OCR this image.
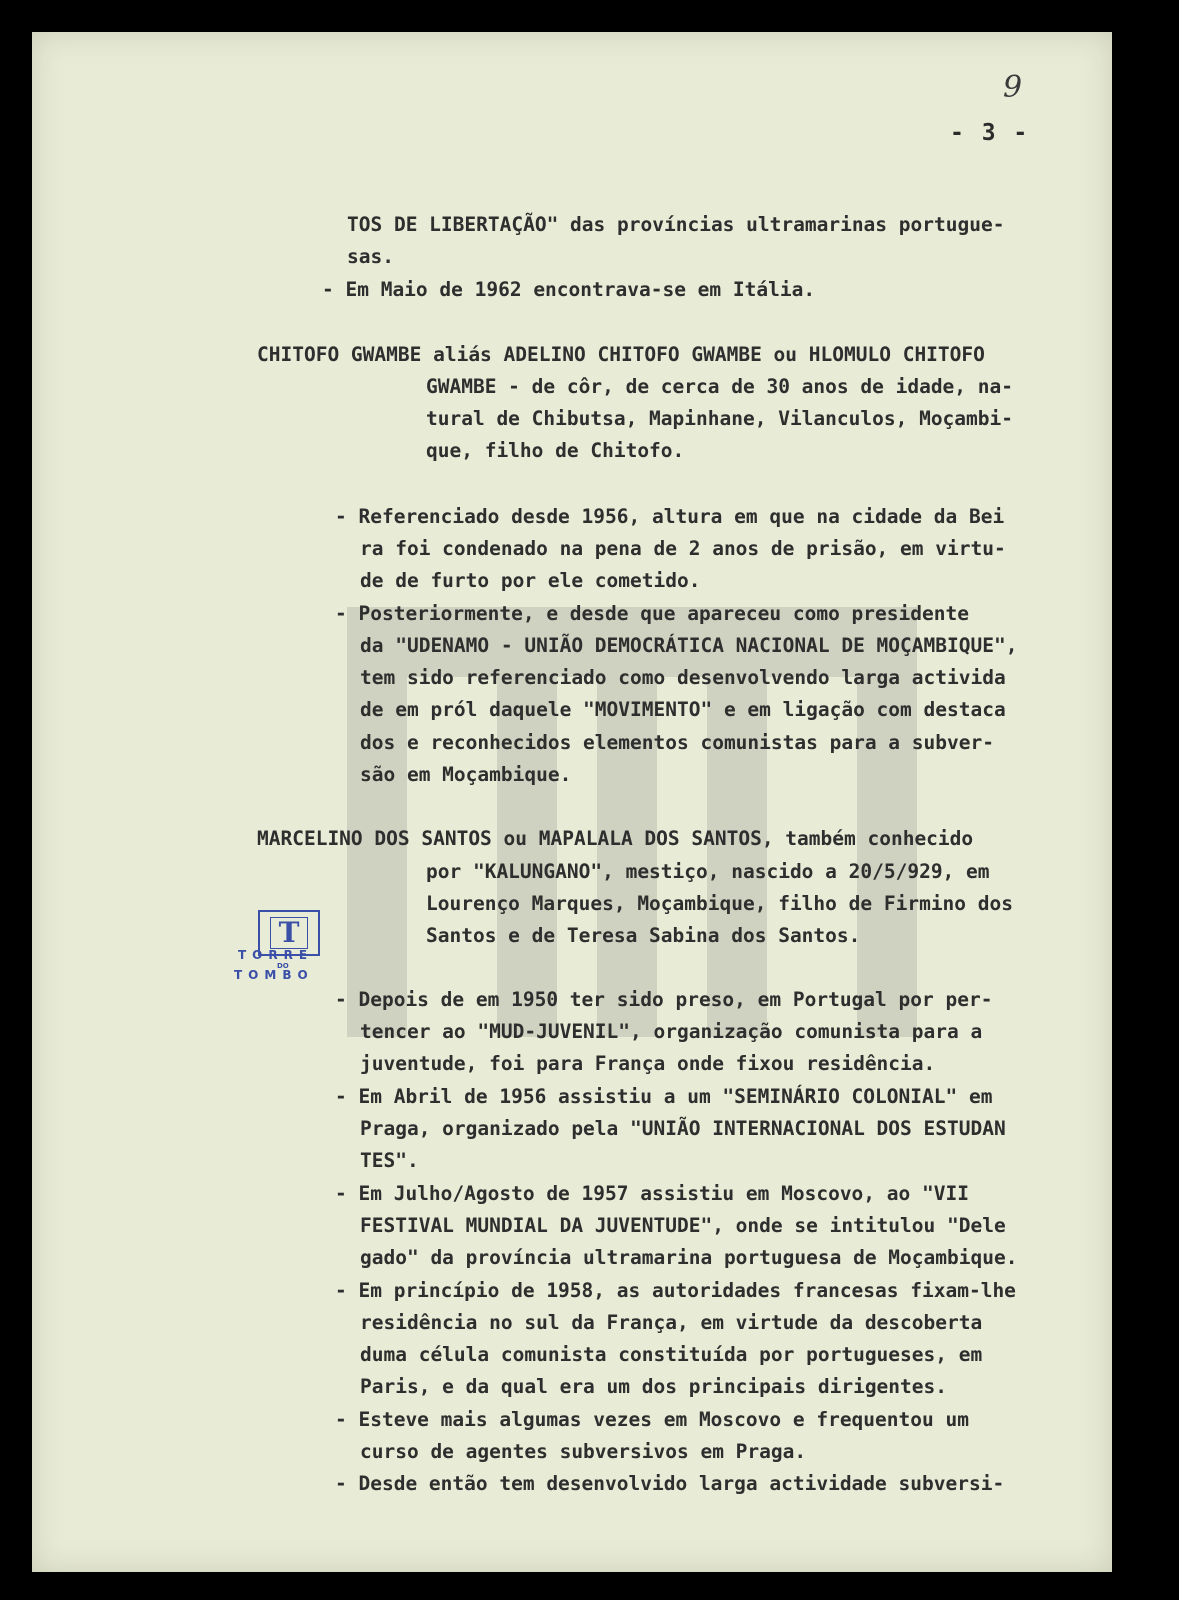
9
- 3 -
T
TORRE
DO
TOMBO
TOS DE LIBERTAÇÃO" das províncias ultramarinas portugue-
sas.
- Em Maio de 1962 encontrava-se em Itália.
CHITOFO GWAMBE aliás ADELINO CHITOFO GWAMBE ou HLOMULO CHITOFO
GWAMBE - de côr, de cerca de 30 anos de idade, na-
tural de Chibutsa, Mapinhane, Vilanculos, Moçambi-
que, filho de Chitofo.
- Referenciado desde 1956, altura em que na cidade da Bei
ra foi condenado na pena de 2 anos de prisão, em virtu-
de de furto por ele cometido.
- Posteriormente, e desde que apareceu como presidente
da "UDENAMO - UNIÃO DEMOCRÁTICA NACIONAL DE MOÇAMBIQUE",
tem sido referenciado como desenvolvendo larga activida
de em pról daquele "MOVIMENTO" e em ligação com destaca
dos e reconhecidos elementos comunistas para a subver-
são em Moçambique.
MARCELINO DOS SANTOS ou MAPALALA DOS SANTOS, também conhecido
por "KALUNGANO", mestiço, nascido a 20/5/929, em
Lourenço Marques, Moçambique, filho de Firmino dos
Santos e de Teresa Sabina dos Santos.
- Depois de em 1950 ter sido preso, em Portugal por per-
tencer ao "MUD-JUVENIL", organização comunista para a
juventude, foi para França onde fixou residência.
- Em Abril de 1956 assistiu a um "SEMINÁRIO COLONIAL" em
Praga, organizado pela "UNIÃO INTERNACIONAL DOS ESTUDAN
TES".
- Em Julho/Agosto de 1957 assistiu em Moscovo, ao "VII
FESTIVAL MUNDIAL DA JUVENTUDE", onde se intitulou "Dele
gado" da província ultramarina portuguesa de Moçambique.
- Em princípio de 1958, as autoridades francesas fixam-lhe
residência no sul da França, em virtude da descoberta
duma célula comunista constituída por portugueses, em
Paris, e da qual era um dos principais dirigentes.
- Esteve mais algumas vezes em Moscovo e frequentou um
curso de agentes subversivos em Praga.
- Desde então tem desenvolvido larga actividade subversi-
